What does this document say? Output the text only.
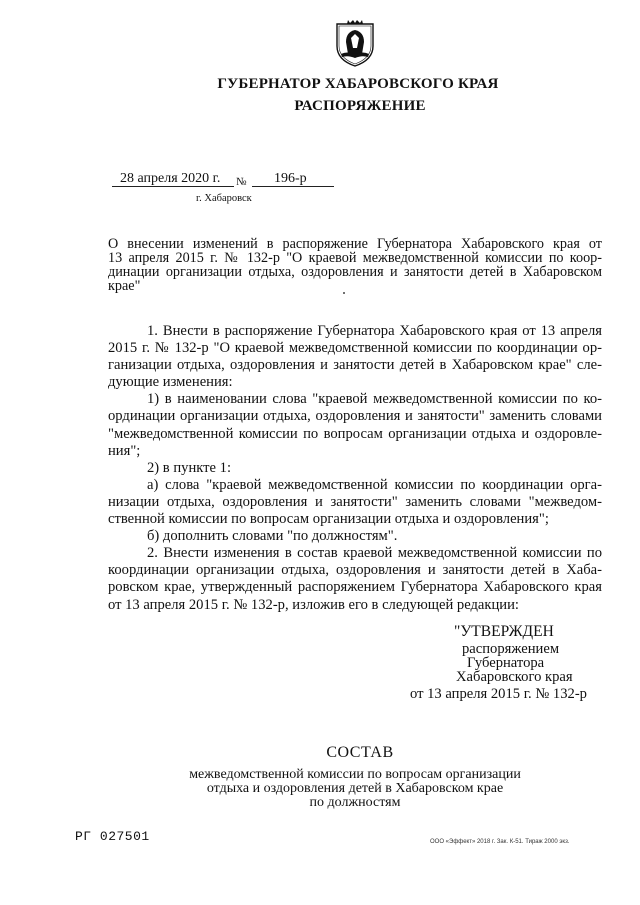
ГУБЕРНАТОР ХАБАРОВСКОГО КРАЯ
РАСПОРЯЖЕНИЕ
28 апреля 2020 г. № 196-р
г. Хабаровск
О внесении изменений в распоряжение Губернатора Хабаровского края от
13 апреля 2015 г. № 132-р "О краевой межведомственной комиссии по коор-
динации организации отдыха, оздоровления и занятости детей в Хабаровском
крае"
1. Внести в распоряжение Губернатора Хабаровского края от 13 апреля
2015 г. № 132-р "О краевой межведомственной комиссии по координации ор-
ганизации отдыха, оздоровления и занятости детей в Хабаровском крае" сле-
дующие изменения:
1) в наименовании слова "краевой межведомственной комиссии по ко-
ординации организации отдыха, оздоровления и занятости" заменить словами
"межведомственной комиссии по вопросам организации отдыха и оздоровле-
ния";
2) в пункте 1:
а) слова "краевой межведомственной комиссии по координации орга-
низации отдыха, оздоровления и занятости" заменить словами "межведом-
ственной комиссии по вопросам организации отдыха и оздоровления";
б) дополнить словами "по должностям".
2. Внести изменения в состав краевой межведомственной комиссии по
координации организации отдыха, оздоровления и занятости детей в Хаба-
ровском крае, утвержденный распоряжением Губернатора Хабаровского края
от 13 апреля 2015 г. № 132-р, изложив его в следующей редакции:
"УТВЕРЖДЕН
распоряжением
Губернатора
Хабаровского края
от 13 апреля 2015 г. № 132-р
СОСТАВ
межведомственной комиссии по вопросам организации
отдыха и оздоровления детей в Хабаровском крае
по должностям
РГ 027501	ООО «Эффект» 2018 г. Зак. К-51. Тираж 2000 экз.
